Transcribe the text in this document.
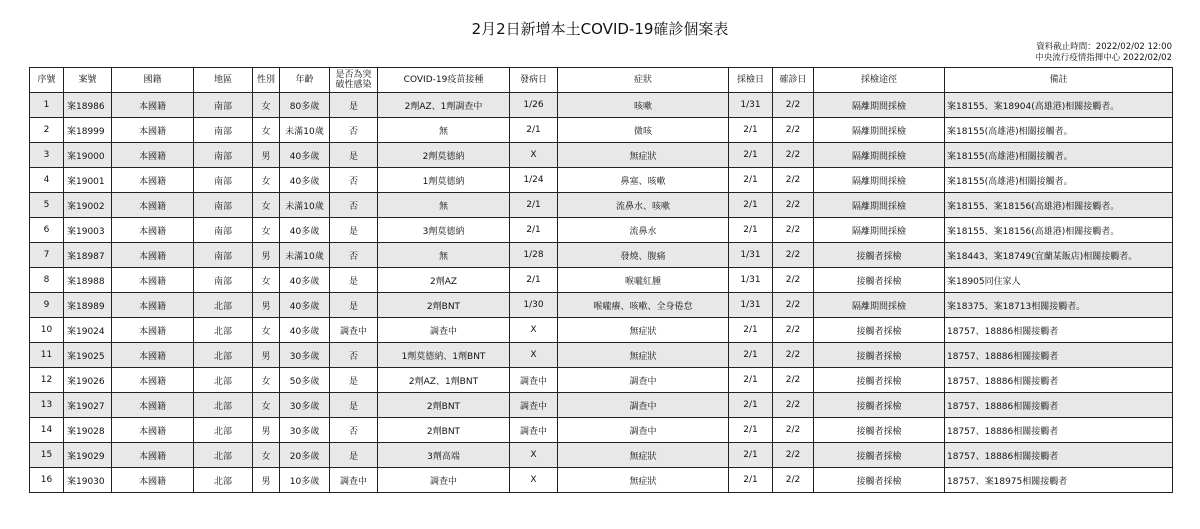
2月2日新增本土COVID-19確診個案表
資料截止時間：2022/02/02 12:00
中央流行疫情指揮中心 2022/02/02
序號	案號	國籍	地區	性別	年齡	是否為突破性感染	COVID-19疫苗接種	發病日	症狀	採檢日	確診日	採檢途徑	備註
1	案18986	本國籍	南部	女	80多歲	是	2劑AZ、1劑調查中	1/26	咳嗽	1/31	2/2	隔離期間採檢	案18155、案18904(高雄港)相關接觸者。
2	案18999	本國籍	南部	女	未滿10歲	否	無	2/1	微咳	2/1	2/2	隔離期間採檢	案18155(高雄港)相關接觸者。
3	案19000	本國籍	南部	男	40多歲	是	2劑莫德納	X	無症狀	2/1	2/2	隔離期間採檢	案18155(高雄港)相關接觸者。
4	案19001	本國籍	南部	女	40多歲	否	1劑莫德納	1/24	鼻塞、咳嗽	2/1	2/2	隔離期間採檢	案18155(高雄港)相關接觸者。
5	案19002	本國籍	南部	女	未滿10歲	否	無	2/1	流鼻水、咳嗽	2/1	2/2	隔離期間採檢	案18155、案18156(高雄港)相關接觸者。
6	案19003	本國籍	南部	女	40多歲	是	3劑莫德納	2/1	流鼻水	2/1	2/2	隔離期間採檢	案18155、案18156(高雄港)相關接觸者。
7	案18987	本國籍	南部	男	未滿10歲	否	無	1/28	發燒、腹痛	1/31	2/2	接觸者採檢	案18443、案18749(宜蘭某飯店)相關接觸者。
8	案18988	本國籍	南部	女	40多歲	是	2劑AZ	2/1	喉嚨紅腫	1/31	2/2	接觸者採檢	案18905同住家人
9	案18989	本國籍	北部	男	40多歲	是	2劑BNT	1/30	喉嚨癢、咳嗽、全身倦怠	1/31	2/2	隔離期間採檢	案18375、案18713相關接觸者。
10	案19024	本國籍	北部	女	40多歲	調查中	調查中	X	無症狀	2/1	2/2	接觸者採檢	18757、18886相關接觸者
11	案19025	本國籍	北部	男	30多歲	否	1劑莫德納、1劑BNT	X	無症狀	2/1	2/2	接觸者採檢	18757、18886相關接觸者
12	案19026	本國籍	北部	女	50多歲	是	2劑AZ、1劑BNT	調查中	調查中	2/1	2/2	接觸者採檢	18757、18886相關接觸者
13	案19027	本國籍	北部	女	30多歲	是	2劑BNT	調查中	調查中	2/1	2/2	接觸者採檢	18757、18886相關接觸者
14	案19028	本國籍	北部	男	30多歲	否	2劑BNT	調查中	調查中	2/1	2/2	接觸者採檢	18757、18886相關接觸者
15	案19029	本國籍	北部	女	20多歲	是	3劑高端	X	無症狀	2/1	2/2	接觸者採檢	18757、18886相關接觸者
16	案19030	本國籍	北部	男	10多歲	調查中	調查中	X	無症狀	2/1	2/2	接觸者採檢	18757、案18975相關接觸者
